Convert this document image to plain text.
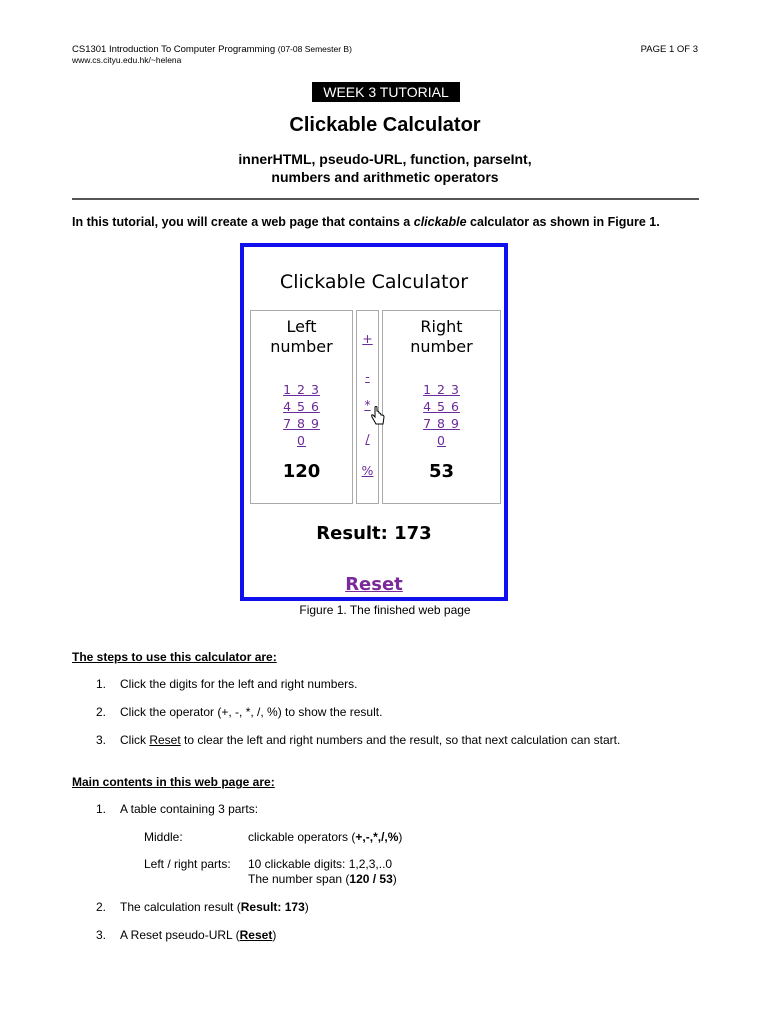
CS1301 Introduction To Computer Programming (07-08 Semester B)
www.cs.cityu.edu.hk/~helena
PAGE 1 OF 3
WEEK 3 TUTORIAL
Clickable Calculator
innerHTML, pseudo-URL, function, parseInt,
numbers and arithmetic operators
In this tutorial, you will create a web page that contains a clickable calculator as shown in Figure 1.
Clickable Calculator
Left
number
1 2 3
4 5 6
7 8 9
0
120
+
-
*
/
%
Right
number
1 2 3
4 5 6
7 8 9
0
53
Result: 173
Reset
Figure 1. The finished web page
The steps to use this calculator are:
1. Click the digits for the left and right numbers.
2. Click the operator (+, -, *, /, %) to show the result.
3. Click Reset to clear the left and right numbers and the result, so that next calculation can start.
Main contents in this web page are:
1. A table containing 3 parts:
Middle:	clickable operators (+,-,*,/,%)
Left / right parts: 10 clickable digits: 1,2,3,..0
The number span (120 / 53)
2. The calculation result (Result: 173)
3. A Reset pseudo-URL (Reset)
